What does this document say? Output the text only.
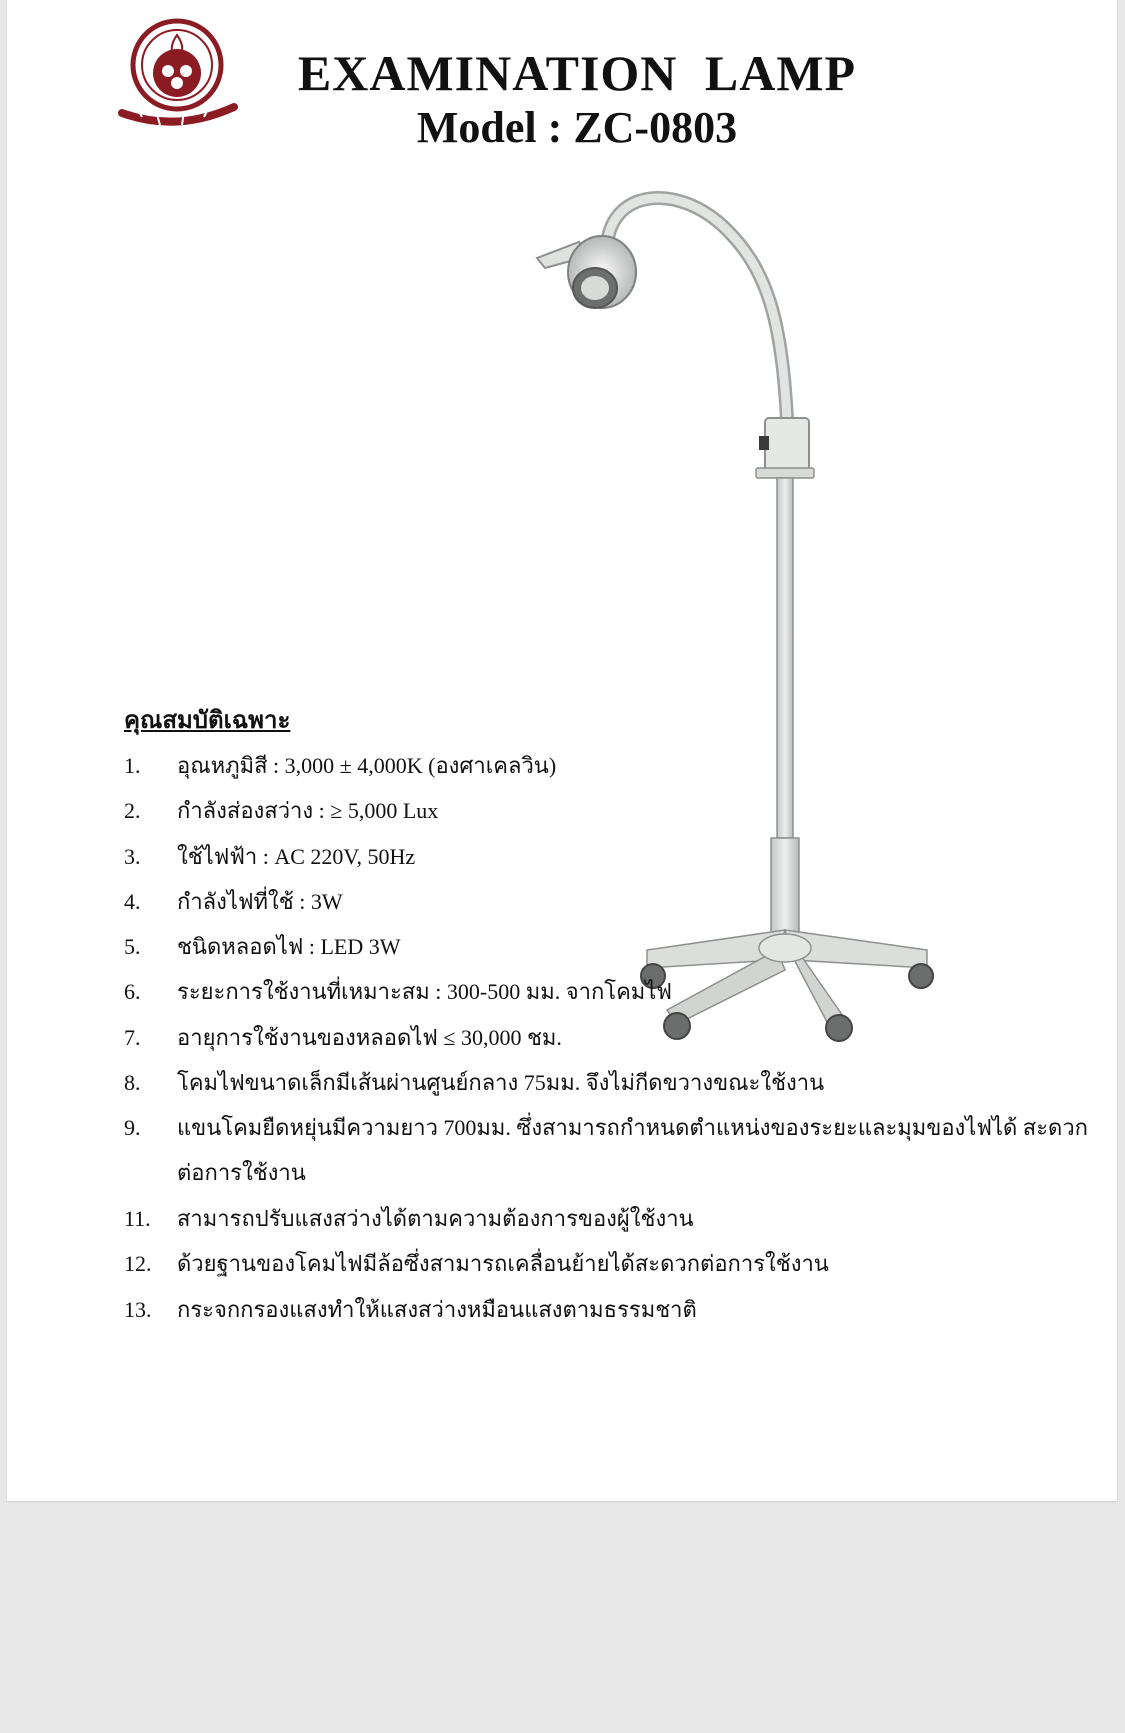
EXAMINATION LAMP
Model : ZC-0803
คุณสมบัติเฉพาะ
1.	อุณหภูมิสี : 3,000 ± 4,000K (องศาเคลวิน)
2.	กำลังส่องสว่าง : ≥ 5,000 Lux
3.	ใช้ไฟฟ้า : AC 220V, 50Hz
4.	กำลังไฟที่ใช้ : 3W
5.	ชนิดหลอดไฟ : LED 3W
6.	ระยะการใช้งานที่เหมาะสม : 300-500 มม. จากโคมไฟ
7.	อายุการใช้งานของหลอดไฟ ≤ 30,000 ชม.
8.	โคมไฟขนาดเล็กมีเส้นผ่านศูนย์กลาง 75มม. จึงไม่กีดขวางขณะใช้งาน
9.	แขนโคมยืดหยุ่นมีความยาว 700มม. ซึ่งสามารถกำหนดตำแหน่งของระยะและมุมของไฟได้ สะดวกต่อการใช้งาน
11.	สามารถปรับแสงสว่างได้ตามความต้องการของผู้ใช้งาน
12.	ด้วยฐานของโคมไฟมีล้อซึ่งสามารถเคลื่อนย้ายได้สะดวกต่อการใช้งาน
13.	กระจกกรองแสงทำให้แสงสว่างหมือนแสงตามธรรมชาติ
